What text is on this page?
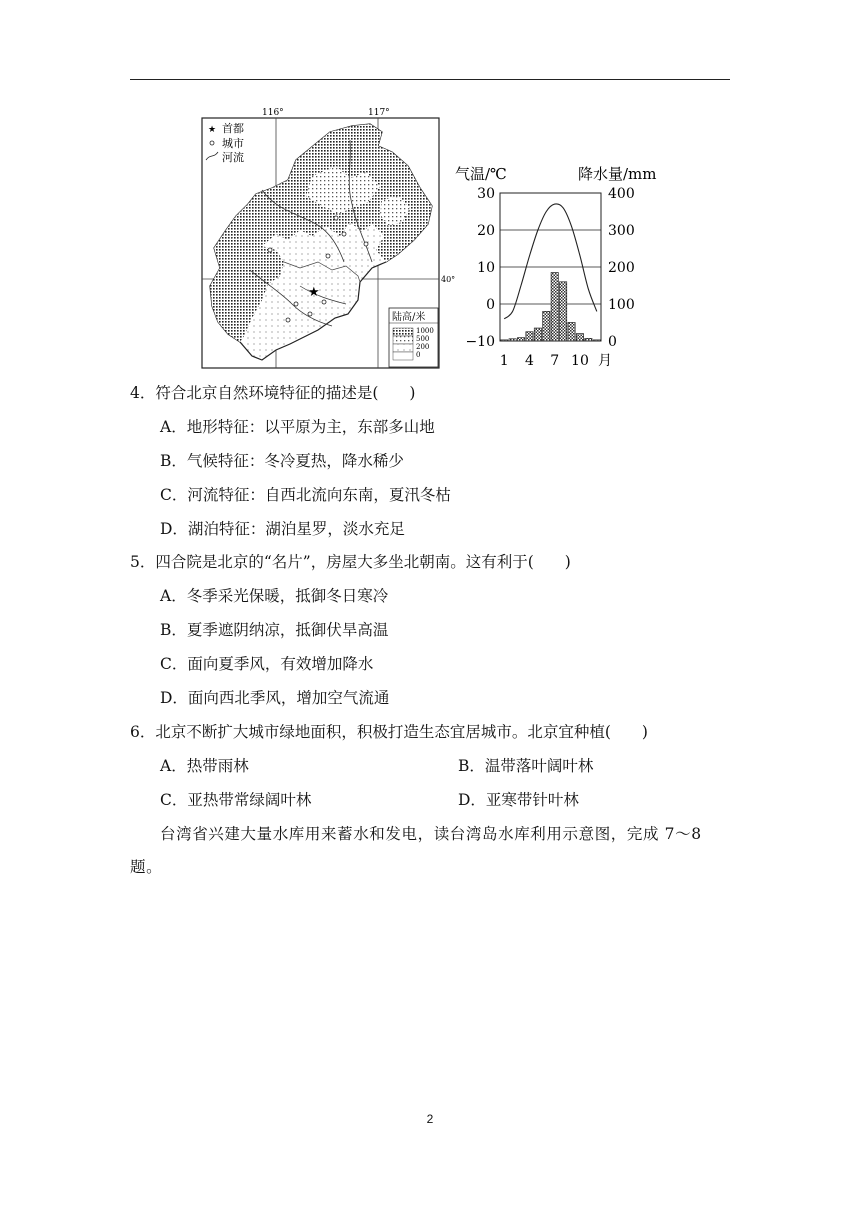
116°	117°
40°
★
★ 首都
城市
河流
陆高/米
1000
500
200
0
气温/℃	降水量/mm
30
20
10
0
−10
400
300
200
100
0
1 4 7 10 月
4．符合北京自然环境特征的描述是(　　)
A．地形特征：以平原为主，东部多山地
B．气候特征：冬冷夏热，降水稀少
C．河流特征：自西北流向东南，夏汛冬枯
D．湖泊特征：湖泊星罗，淡水充足
5．四合院是北京的“名片”，房屋大多坐北朝南。这有利于(　　)
A．冬季采光保暖，抵御冬日寒冷
B．夏季遮阴纳凉，抵御伏旱高温
C．面向夏季风，有效增加降水
D．面向西北季风，增加空气流通
6．北京不断扩大城市绿地面积，积极打造生态宜居城市。北京宜种植(　　)
A．热带雨林	B．温带落叶阔叶林
C．亚热带常绿阔叶林	D．亚寒带针叶林
台湾省兴建大量水库用来蓄水和发电，读台湾岛水库利用示意图，完成 7～8 题。
2
